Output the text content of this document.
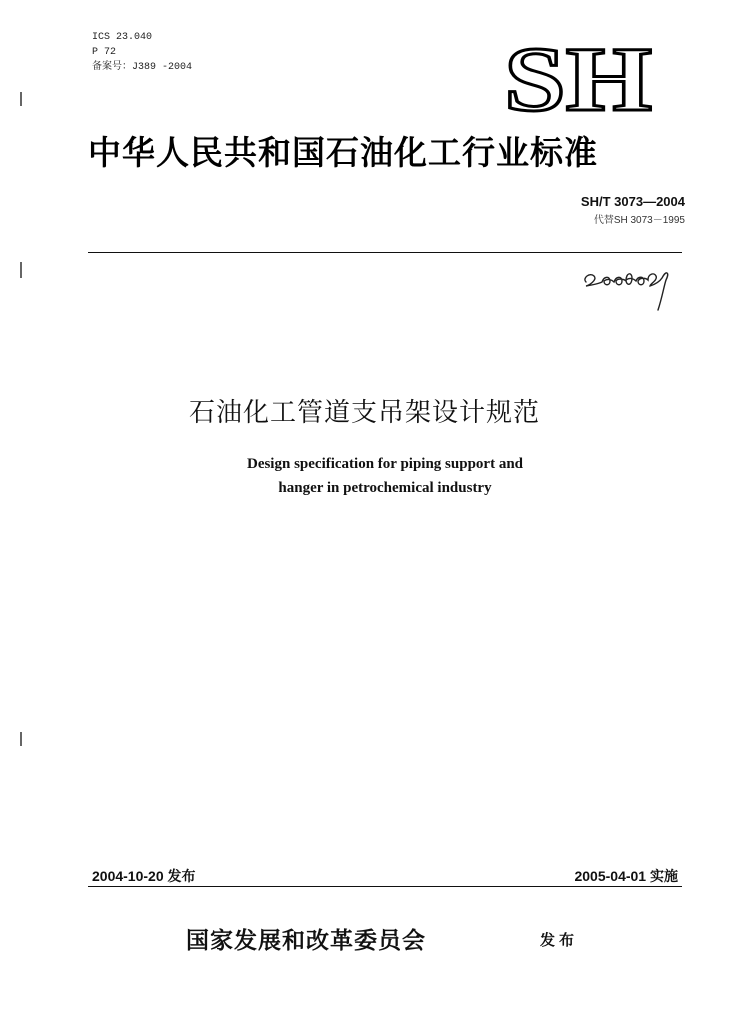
ICS 23.040
P 72
备案号：J389 -2004	SH
中华人民共和国石油化工行业标准
SH/T 3073—2004
代替SH 3073－1995
石油化工管道支吊架设计规范
Design specification for piping support and
hanger in petrochemical industry
2004-10-20 发布	2005-04-01 实施
国家发展和改革委员会	发布
